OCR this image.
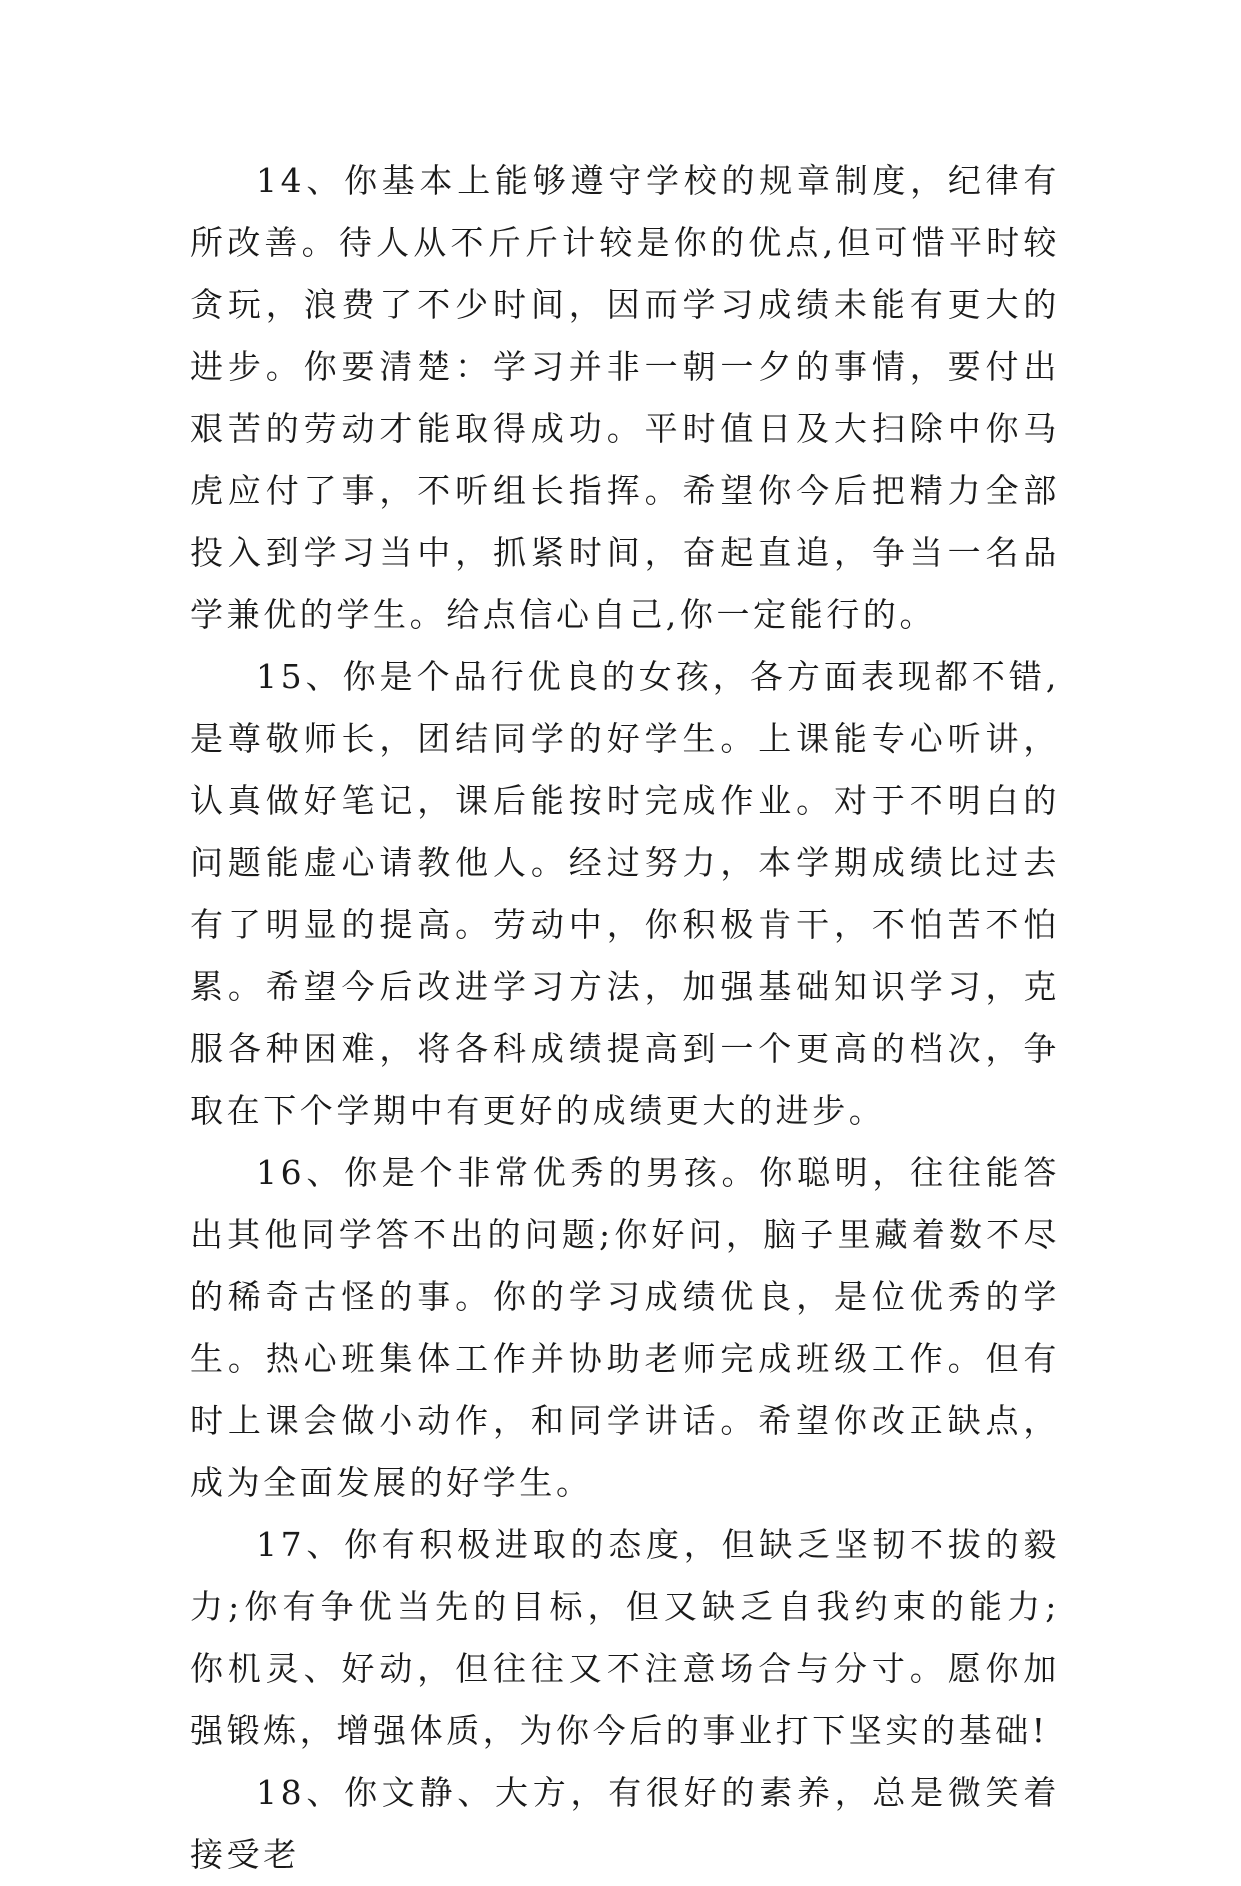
14、你基本上能够遵守学校的规章制度，纪律有所改善。待人从不斤斤计较是你的优点,但可惜平时较贪玩，浪费了不少时间，因而学习成绩未能有更大的进步。你要清楚：学习并非一朝一夕的事情，要付出艰苦的劳动才能取得成功。平时值日及大扫除中你马虎应付了事，不听组长指挥。希望你今后把精力全部投入到学习当中，抓紧时间，奋起直追，争当一名品学兼优的学生。给点信心自己,你一定能行的。

15、你是个品行优良的女孩，各方面表现都不错,是尊敬师长，团结同学的好学生。上课能专心听讲，认真做好笔记，课后能按时完成作业。对于不明白的问题能虚心请教他人。经过努力，本学期成绩比过去有了明显的提高。劳动中，你积极肯干，不怕苦不怕累。希望今后改进学习方法，加强基础知识学习，克服各种困难，将各科成绩提高到一个更高的档次，争取在下个学期中有更好的成绩更大的进步。

16、你是个非常优秀的男孩。你聪明，往往能答出其他同学答不出的问题;你好问，脑子里藏着数不尽的稀奇古怪的事。你的学习成绩优良，是位优秀的学生。热心班集体工作并协助老师完成班级工作。但有时上课会做小动作，和同学讲话。希望你改正缺点，成为全面发展的好学生。

17、你有积极进取的态度，但缺乏坚韧不拔的毅力;你有争优当先的目标，但又缺乏自我约束的能力;你机灵、好动，但往往又不注意场合与分寸。愿你加强锻炼，增强体质，为你今后的事业打下坚实的基础!

18、你文静、大方，有很好的素养，总是微笑着接受老
